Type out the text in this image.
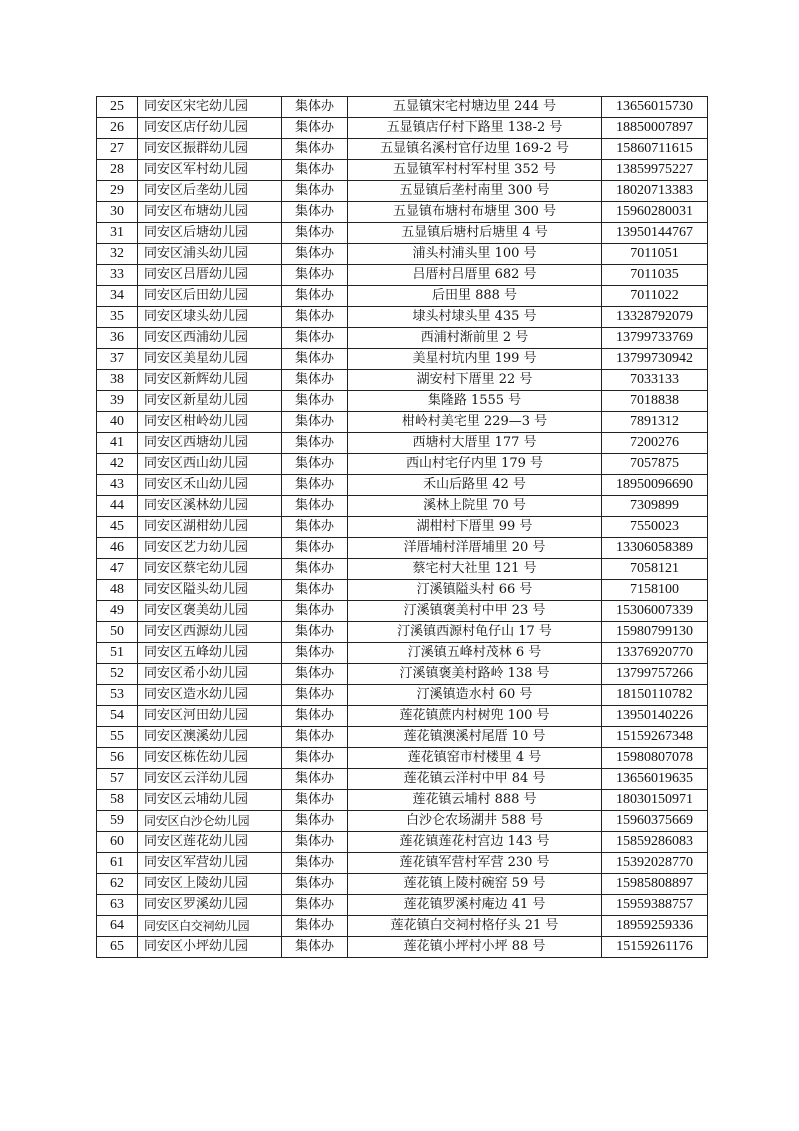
25	同安区宋宅幼儿园	集体办	五显镇宋宅村塘边里 244 号	13656015730
26	同安区店仔幼儿园	集体办	五显镇店仔村下路里 138-2 号	18850007897
27	同安区振群幼儿园	集体办	五显镇名溪村官仔边里 169-2 号	15860711615
28	同安区军村幼儿园	集体办	五显镇军村村军村里 352 号	13859975227
29	同安区后垄幼儿园	集体办	五显镇后垄村南里 300 号	18020713383
30	同安区布塘幼儿园	集体办	五显镇布塘村布塘里 300 号	15960280031
31	同安区后塘幼儿园	集体办	五显镇后塘村后塘里 4 号	13950144767
32	同安区浦头幼儿园	集体办	浦头村浦头里 100 号	7011051
33	同安区吕厝幼儿园	集体办	吕厝村吕厝里 682 号	7011035
34	同安区后田幼儿园	集体办	后田里 888 号	7011022
35	同安区埭头幼儿园	集体办	埭头村埭头里 435 号	13328792079
36	同安区西浦幼儿园	集体办	西浦村渐前里 2 号	13799733769
37	同安区美星幼儿园	集体办	美星村坑内里 199 号	13799730942
38	同安区新辉幼儿园	集体办	湖安村下厝里 22 号	7033133
39	同安区新星幼儿园	集体办	集隆路 1555 号	7018838
40	同安区柑岭幼儿园	集体办	柑岭村美宅里 229—3 号	7891312
41	同安区西塘幼儿园	集体办	西塘村大厝里 177 号	7200276
42	同安区西山幼儿园	集体办	西山村宅仔内里 179 号	7057875
43	同安区禾山幼儿园	集体办	禾山后路里 42 号	18950096690
44	同安区溪林幼儿园	集体办	溪林上院里 70 号	7309899
45	同安区湖柑幼儿园	集体办	湖柑村下厝里 99 号	7550023
46	同安区艺力幼儿园	集体办	洋厝埔村洋厝埔里 20 号	13306058389
47	同安区蔡宅幼儿园	集体办	蔡宅村大社里 121 号	7058121
48	同安区隘头幼儿园	集体办	汀溪镇隘头村 66 号	7158100
49	同安区褒美幼儿园	集体办	汀溪镇褒美村中甲 23 号	15306007339
50	同安区西源幼儿园	集体办	汀溪镇西源村龟仔山 17 号	15980799130
51	同安区五峰幼儿园	集体办	汀溪镇五峰村茂林 6 号	13376920770
52	同安区希小幼儿园	集体办	汀溪镇褒美村路岭 138 号	13799757266
53	同安区造水幼儿园	集体办	汀溪镇造水村 60 号	18150110782
54	同安区河田幼儿园	集体办	莲花镇蔗内村树兜 100 号	13950140226
55	同安区澳溪幼儿园	集体办	莲花镇澳溪村尾厝 10 号	15159267348
56	同安区栋佐幼儿园	集体办	莲花镇窑市村楼里 4 号	15980807078
57	同安区云洋幼儿园	集体办	莲花镇云洋村中甲 84 号	13656019635
58	同安区云埔幼儿园	集体办	莲花镇云埔村 888 号	18030150971
59	同安区白沙仑幼儿园	集体办	白沙仑农场湖井 588 号	15960375669
60	同安区莲花幼儿园	集体办	莲花镇莲花村宫边 143 号	15859286083
61	同安区军营幼儿园	集体办	莲花镇军营村军营 230 号	15392028770
62	同安区上陵幼儿园	集体办	莲花镇上陵村碗窑 59 号	15985808897
63	同安区罗溪幼儿园	集体办	莲花镇罗溪村庵边 41 号	15959388757
64	同安区白交祠幼儿园	集体办	莲花镇白交祠村格仔头 21 号	18959259336
65	同安区小坪幼儿园	集体办	莲花镇小坪村小坪 88 号	15159261176
